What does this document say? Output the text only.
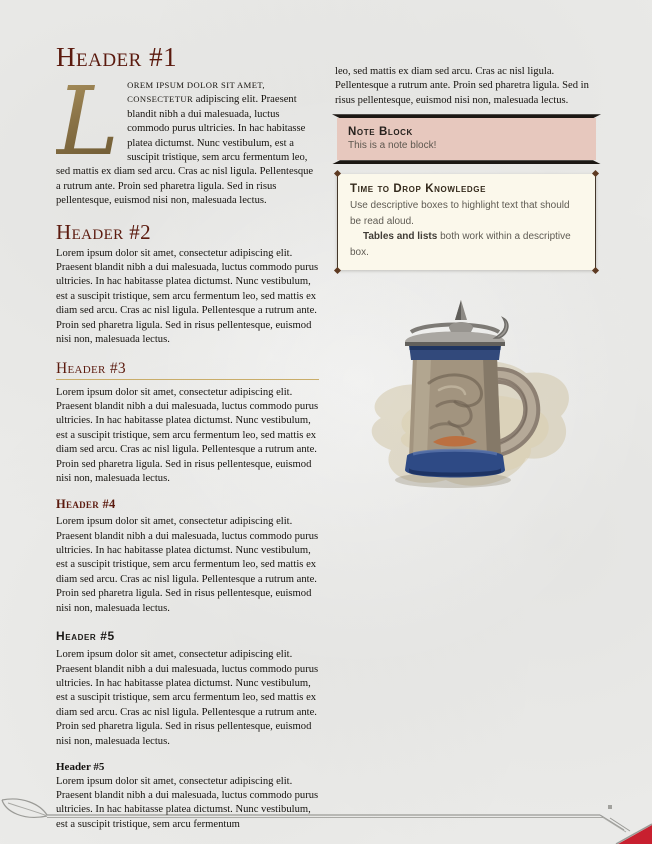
Header #1

L OREM IPSUM DOLOR SIT AMET, CONSECTETUR adipiscing elit. Praesent blandit nibh a dui malesuada, luctus commodo purus ultricies. In hac habitasse platea dictumst. Nunc vestibulum, est a suscipit tristique, sem arcu fermentum leo, sed mattis ex diam sed arcu. Cras ac nisl ligula. Pellentesque a rutrum ante. Proin sed pharetra ligula. Sed in risus pellentesque, euismod nisi non, malesuada lectus.

Header #2

Lorem ipsum dolor sit amet, consectetur adipiscing elit. Praesent blandit nibh a dui malesuada, luctus commodo purus ultricies. In hac habitasse platea dictumst. Nunc vestibulum, est a suscipit tristique, sem arcu fermentum leo, sed mattis ex diam sed arcu. Cras ac nisl ligula. Pellentesque a rutrum ante. Proin sed pharetra ligula. Sed in risus pellentesque, euismod nisi non, malesuada lectus.

Header #3

Lorem ipsum dolor sit amet, consectetur adipiscing elit. Praesent blandit nibh a dui malesuada, luctus commodo purus ultricies. In hac habitasse platea dictumst. Nunc vestibulum, est a suscipit tristique, sem arcu fermentum leo, sed mattis ex diam sed arcu. Cras ac nisl ligula. Pellentesque a rutrum ante. Proin sed pharetra ligula. Sed in risus pellentesque, euismod nisi non, malesuada lectus.

Header #4

Lorem ipsum dolor sit amet, consectetur adipiscing elit. Praesent blandit nibh a dui malesuada, luctus commodo purus ultricies. In hac habitasse platea dictumst. Nunc vestibulum, est a suscipit tristique, sem arcu fermentum leo, sed mattis ex diam sed arcu. Cras ac nisl ligula. Pellentesque a rutrum ante. Proin sed pharetra ligula. Sed in risus pellentesque, euismod nisi non, malesuada lectus.

Header #5

Lorem ipsum dolor sit amet, consectetur adipiscing elit. Praesent blandit nibh a dui malesuada, luctus commodo purus ultricies. In hac habitasse platea dictumst. Nunc vestibulum, est a suscipit tristique, sem arcu fermentum leo, sed mattis ex diam sed arcu. Cras ac nisl ligula. Pellentesque a rutrum ante. Proin sed pharetra ligula. Sed in risus pellentesque, euismod nisi non, malesuada lectus.

Header #5

Lorem ipsum dolor sit amet, consectetur adipiscing elit. Praesent blandit nibh a dui malesuada, luctus commodo purus ultricies. In hac habitasse platea dictumst. Nunc vestibulum, est a suscipit tristique, sem arcu fermentum

leo, sed mattis ex diam sed arcu. Cras ac nisl ligula. Pellentesque a rutrum ante. Proin sed pharetra ligula. Sed in risus pellentesque, euismod nisi non, malesuada lectus.

Note Block

This is a note block!

Time to Drop Knowledge

Use descriptive boxes to highlight text that should be read aloud.

Tables and lists both work within a descriptive box.
